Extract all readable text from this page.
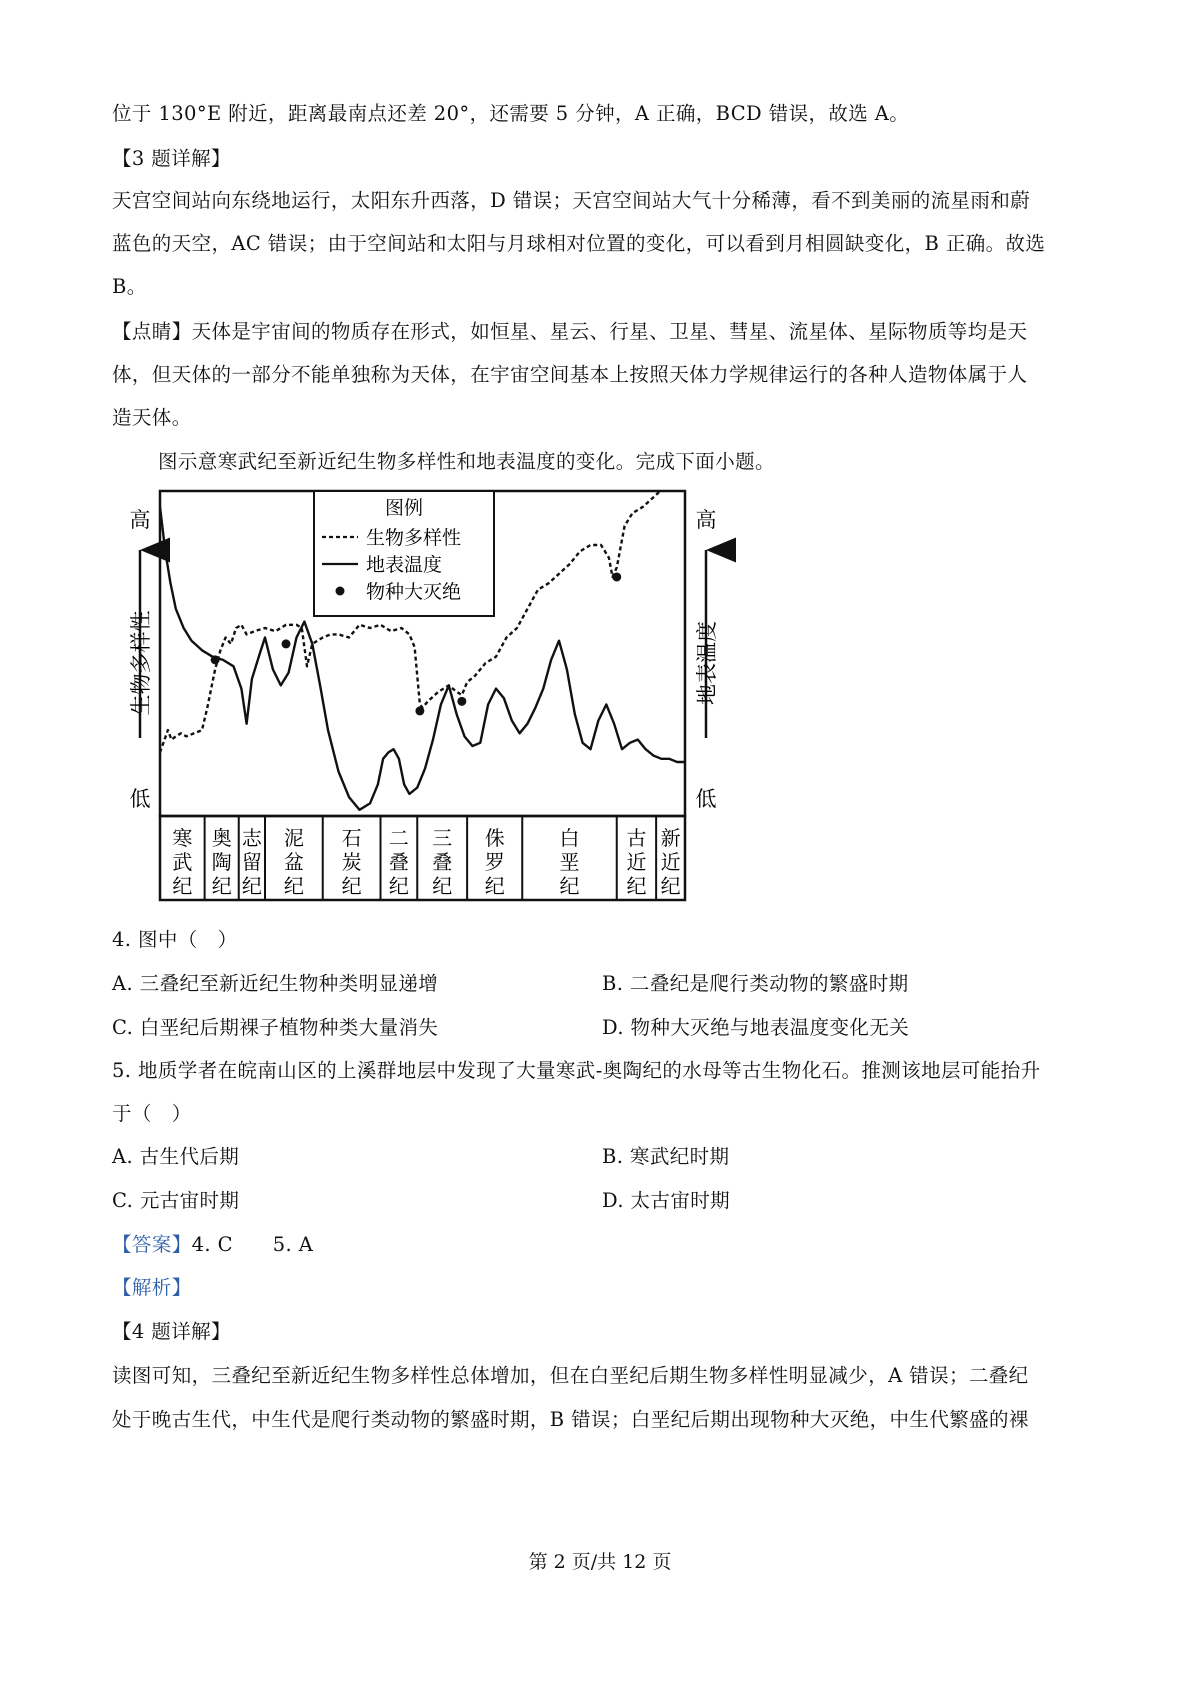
位于 130°E 附近，距离最南点还差 20°，还需要 5 分钟，A 正确，BCD 错误，故选 A。
【3 题详解】
天宫空间站向东绕地运行，太阳东升西落，D 错误；天宫空间站大气十分稀薄，看不到美丽的流星雨和蔚
蓝色的天空，AC 错误；由于空间站和太阳与月球相对位置的变化，可以看到月相圆缺变化，B 正确。故选
B。
【点睛】天体是宇宙间的物质存在形式，如恒星、星云、行星、卫星、彗星、流星体、星际物质等均是天
体，但天体的一部分不能单独称为天体，在宇宙空间基本上按照天体力学规律运行的各种人造物体属于人
造天体。
图示意寒武纪至新近纪生物多样性和地表温度的变化。完成下面小题。
高
生物多样性
低
高
地表温度
低
寒
武
纪
奥
陶
纪
志
留
纪
泥
盆
纪
石
炭
纪
二
叠
纪
三
叠
纪
侏
罗
纪
白
垩
纪
古
近
纪
新
近
纪
图例
生物多样性
地表温度
物种大灭绝
4. 图中（　）
A. 三叠纪至新近纪生物种类明显递增	B. 二叠纪是爬行类动物的繁盛时期
C. 白垩纪后期裸子植物种类大量消失	D. 物种大灭绝与地表温度变化无关
5. 地质学者在皖南山区的上溪群地层中发现了大量寒武-奥陶纪的水母等古生物化石。推测该地层可能抬升
于（　）
A. 古生代后期	B. 寒武纪时期
C. 元古宙时期	D. 太古宙时期
【答案】4. C　　5. A
【解析】
【4 题详解】
读图可知，三叠纪至新近纪生物多样性总体增加，但在白垩纪后期生物多样性明显减少，A 错误；二叠纪
处于晚古生代，中生代是爬行类动物的繁盛时期，B 错误；白垩纪后期出现物种大灭绝，中生代繁盛的裸
第 2 页/共 12 页
